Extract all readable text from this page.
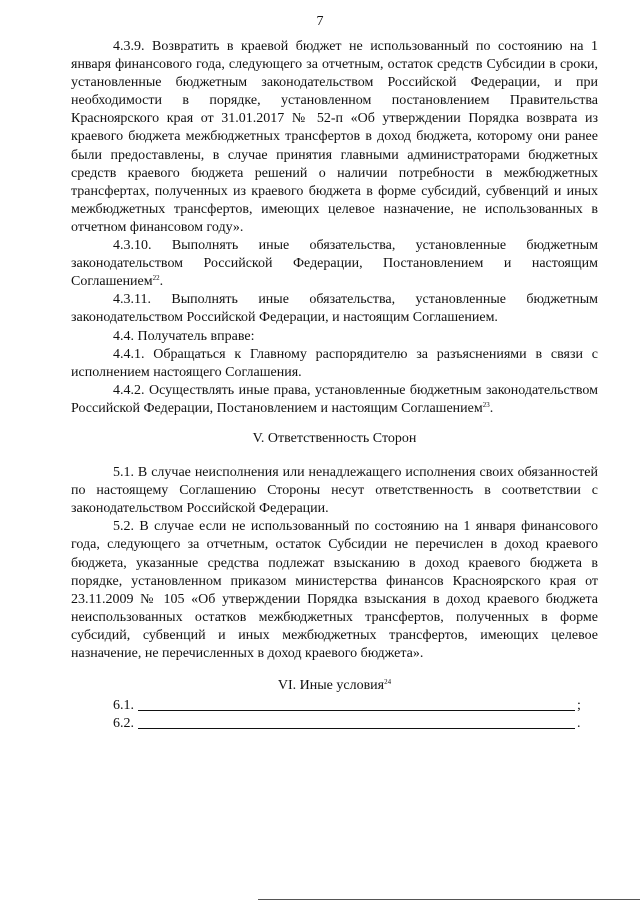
7

4.3.9. Возвратить в краевой бюджет не использованный по состоянию на 1 января финансового года, следующего за отчетным, остаток средств Субсидии в сроки, установленные бюджетным законодательством Российской Федерации, и при необходимости в порядке, установленном постановлением Правительства Красноярского края от 31.01.2017 № 52-п «Об утверждении Порядка возврата из краевого бюджета межбюджетных трансфертов в доход бюджета, которому они ранее были предоставлены, в случае принятия главными администраторами бюджетных средств краевого бюджета решений о наличии потребности в межбюджетных трансфертах, полученных из краевого бюджета в форме субсидий, субвенций и иных межбюджетных трансфертов, имеющих целевое назначение, не использованных в отчетном финансовом году».

4.3.10. Выполнять иные обязательства, установленные бюджетным законодательством Российской Федерации, Постановлением и настоящим Соглашением$^{22}$.

4.3.11. Выполнять иные обязательства, установленные бюджетным законодательством Российской Федерации, и настоящим Соглашением.

4.4. Получатель вправе:

4.4.1. Обращаться к Главному распорядителю за разъяснениями в связи с исполнением настоящего Соглашения.

4.4.2. Осуществлять иные права, установленные бюджетным законодательством Российской Федерации, Постановлением и настоящим Соглашением$^{23}$.

V. Ответственность Сторон

5.1. В случае неисполнения или ненадлежащего исполнения своих обязанностей по настоящему Соглашению Стороны несут ответственность в соответствии с законодательством Российской Федерации.

5.2. В случае если не использованный по состоянию на 1 января финансового года, следующего за отчетным, остаток Субсидии не перечислен в доход краевого бюджета, указанные средства подлежат взысканию в доход краевого бюджета в порядке, установленном приказом министерства финансов Красноярского края от 23.11.2009 № 105 «Об утверждении Порядка взыскания в доход краевого бюджета неиспользованных остатков межбюджетных трансфертов, полученных в форме субсидий, субвенций и иных межбюджетных трансфертов, имеющих целевое назначение, не перечисленных в доход краевого бюджета».

VI. Иные условия$^{24}$
6.1.	;
6.2.	.
